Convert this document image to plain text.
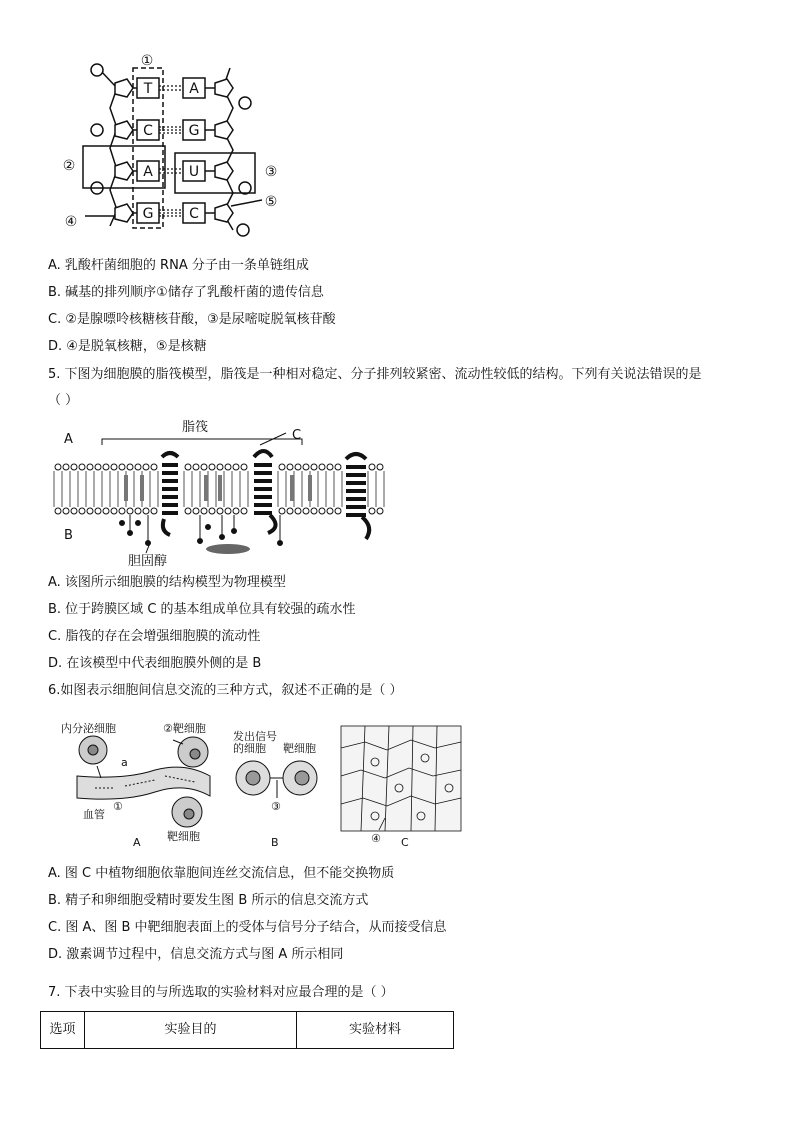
①
②	③
④
⑤
T
C
A
G
A
G
U
C
A. 乳酸杆菌细胞的 RNA 分子由一条单链组成
B. 碱基的排列顺序①储存了乳酸杆菌的遗传信息
C. ②是腺嘌呤核糖核苷酸，③是尿嘧啶脱氧核苷酸
D. ④是脱氧核糖，⑤是核糖
5. 下图为细胞膜的脂筏模型，脂筏是一种相对稳定、分子排列较紧密、流动性较低的结构。下列有关说法错误的是
（ ）
A
B
脂筏
C
胆固醇
A. 该图所示细胞膜的结构模型为物理模型
B. 位于跨膜区域 C 的基本组成单位具有较强的疏水性
C. 脂筏的存在会增强细胞膜的流动性
D. 在该模型中代表细胞膜外侧的是 B
6.如图表示细胞间信息交流的三种方式，叙述不正确的是（ ）
内分泌细胞	②靶细胞
a
血管
①
靶细胞
A
发出信号
的细胞 靶细胞
③
B	④ C
A. 图 C 中植物细胞依靠胞间连丝交流信息，但不能交换物质
B. 精子和卵细胞受精时要发生图 B 所示的信息交流方式
C. 图 A、图 B 中靶细胞表面上的受体与信号分子结合，从而接受信息
D. 激素调节过程中，信息交流方式与图 A 所示相同
7. 下表中实验目的与所选取的实验材料对应最合理的是（ ）
选项	实验目的	实验材料
